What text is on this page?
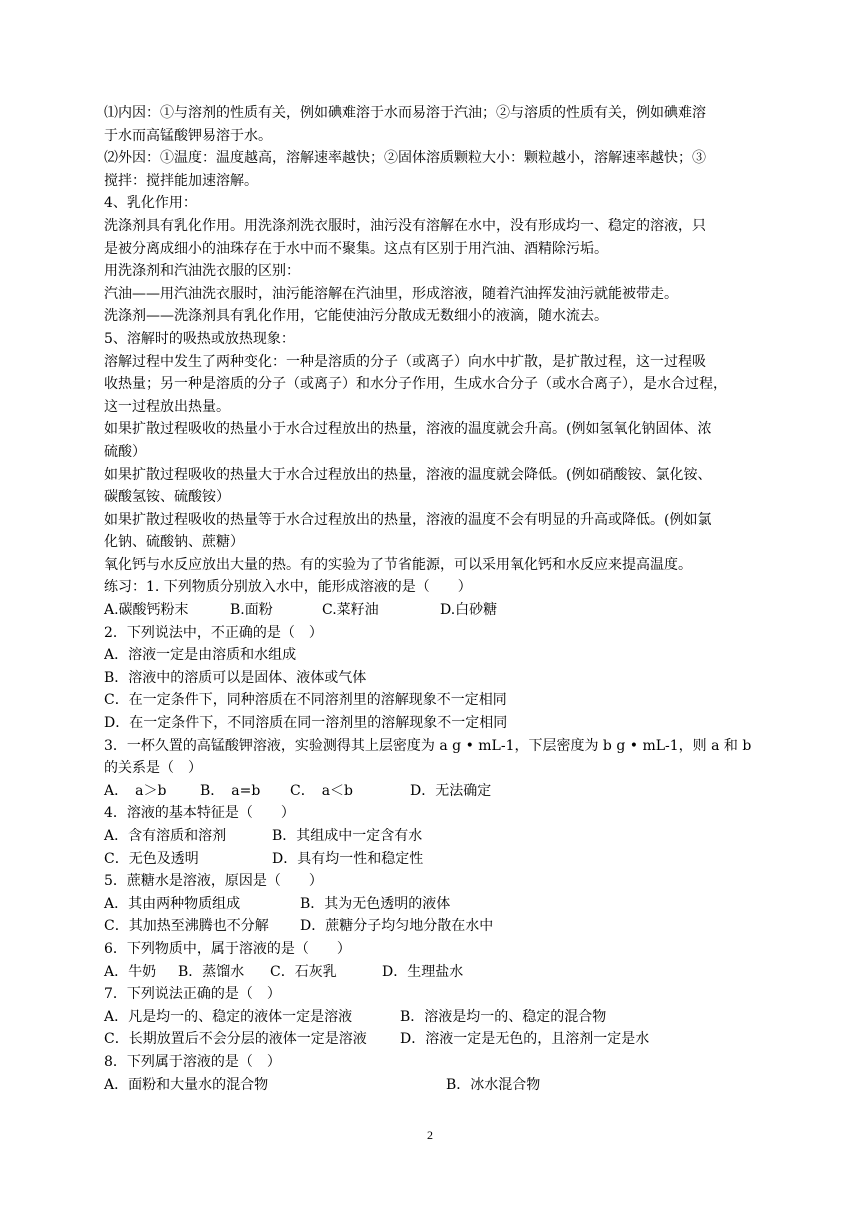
⑴内因：①与溶剂的性质有关，例如碘难溶于水而易溶于汽油；②与溶质的性质有关，例如碘难溶
于水而高锰酸钾易溶于水。
⑵外因：①温度：温度越高，溶解速率越快；②固体溶质颗粒大小：颗粒越小，溶解速率越快；③
搅拌：搅拌能加速溶解。
4、乳化作用：
洗涤剂具有乳化作用。用洗涤剂洗衣服时，油污没有溶解在水中，没有形成均一、稳定的溶液，只
是被分离成细小的油珠存在于水中而不聚集。这点有区别于用汽油、酒精除污垢。
用洗涤剂和汽油洗衣服的区别：
汽油——用汽油洗衣服时，油污能溶解在汽油里，形成溶液，随着汽油挥发油污就能被带走。
洗涤剂——洗涤剂具有乳化作用，它能使油污分散成无数细小的液滴，随水流去。
5、溶解时的吸热或放热现象：
溶解过程中发生了两种变化：一种是溶质的分子（或离子）向水中扩散，是扩散过程，这一过程吸
收热量；另一种是溶质的分子（或离子）和水分子作用，生成水合分子（或水合离子），是水合过程，
这一过程放出热量。
如果扩散过程吸收的热量小于水合过程放出的热量，溶液的温度就会升高。(例如氢氧化钠固体、浓
硫酸）
如果扩散过程吸收的热量大于水合过程放出的热量，溶液的温度就会降低。(例如硝酸铵、氯化铵、
碳酸氢铵、硫酸铵）
如果扩散过程吸收的热量等于水合过程放出的热量，溶液的温度不会有明显的升高或降低。(例如氯
化钠、硫酸钠、蔗糖）
氧化钙与水反应放出大量的热。有的实验为了节省能源，可以采用氧化钙和水反应来提高温度。
练习：1. 下列物质分别放入水中，能形成溶液的是（　　）
A.碳酸钙粉末	B.面粉	C.菜籽油	D.白砂糖
2．下列说法中，不正确的是（　）
A．溶液一定是由溶质和水组成
B．溶液中的溶质可以是固体、液体或气体
C．在一定条件下，同种溶质在不同溶剂里的溶解现象不一定相同
D．在一定条件下，不同溶质在同一溶剂里的溶解现象不一定相同
3．一杯久置的高锰酸钾溶液，实验测得其上层密度为 a g • mL-1，下层密度为 b g • mL-1，则 a 和 b
的关系是（　）
A．　a＞b B．　a=b C．　a＜b	D．无法确定
4．溶液的基本特征是（　　）
A．含有溶质和溶剂	B．其组成中一定含有水
C．无色及透明	D．具有均一性和稳定性
5．蔗糖水是溶液，原因是（　　）
A．其由两种物质组成	B．其为无色透明的液体
C．其加热至沸腾也不分解 D．蔗糖分子均匀地分散在水中
6．下列物质中，属于溶液的是（　　）
A．牛奶 B．蒸馏水 C．石灰乳	D．生理盐水
7．下列说法正确的是（　）
A．凡是均一的、稳定的液体一定是溶液	B．溶液是均一的、稳定的混合物
C．长期放置后不会分层的液体一定是溶液 D．溶液一定是无色的，且溶剂一定是水
8．下列属于溶液的是（　）
A．面粉和大量水的混合物	B．冰水混合物
2
